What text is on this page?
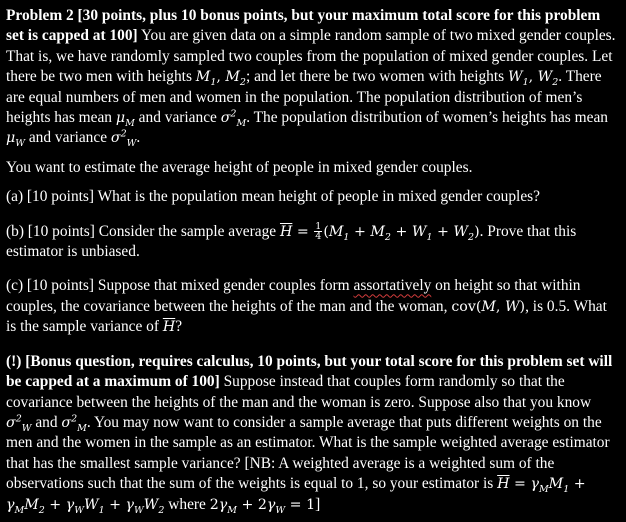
Problem 2 [30 points, plus 10 bonus points, but your maximum total score for this problem set is capped at 100] You are given data on a simple random sample of two mixed gender couples. That is, we have randomly sampled two couples from the population of mixed gender couples. Let there be two men with heights $M_1$, $M_2$; and let there be two women with heights $W_1$, $W_2$. There are equal numbers of men and women in the population. The population distribution of men’s heights has mean $\mu_M$ and variance $\sigma^2_M$. The population distribution of women’s heights has mean $\mu_W$ and variance $\sigma^2_W$.

You want to estimate the average height of people in mixed gender couples.

(a) [10 points] What is the population mean height of people in mixed gender couples?

(b) [10 points] Consider the sample average $\overline{H} = \frac{1}{4} (M_1 + M_2 + W_1 + W_2)$. Prove that this
estimator is unbiased.

(c) [10 points] Suppose that mixed gender couples form assortatively on height so that within couples, the covariance between the heights of the man and the woman, cov(M, W), is 0.5. What is the sample variance of $\overline{H}$?

(!) [Bonus question, requires calculus, 10 points, but your total score for this problem set will be capped at a maximum of 100] Suppose instead that couples form randomly so that the covariance between the heights of the man and the woman is zero. Suppose also that you know $\sigma^2_W$ and $\sigma^2_M$. You may now want to consider a sample average that puts different weights on the men and the women in the sample as an estimator. What is the sample weighted average estimator that has the smallest sample variance? [NB: A weighted average is a weighted sum of the observations such that the sum of the weights is equal to 1, so your estimator is $\overline{H} = \gamma_MM_1 + \gamma_MM_2 + \gamma_WW_1 + \gamma_WW_2$ where $2\gamma_M + 2\gamma_W = 1$]
